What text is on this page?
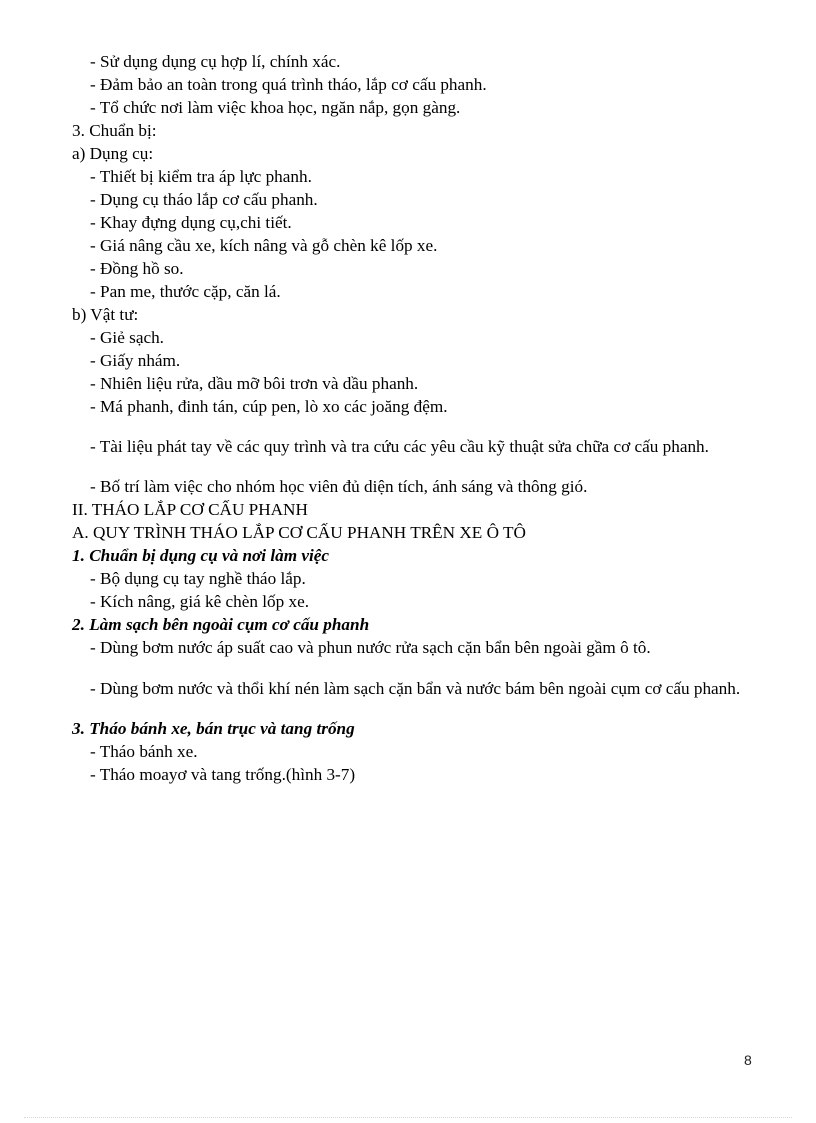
- Sử dụng dụng cụ hợp lí, chính xác.

- Đảm bảo an toàn trong quá trình tháo, lắp cơ cấu phanh.

- Tổ chức nơi làm việc khoa học, ngăn nắp, gọn gàng.

3. Chuẩn bị:

a) Dụng cụ:

- Thiết bị kiểm tra áp lực phanh.

- Dụng cụ tháo lắp cơ cấu phanh.

- Khay đựng dụng cụ,chi tiết.

- Giá nâng cầu xe, kích nâng và gỗ chèn kê lốp xe.

- Đồng hồ so.

- Pan me, thước cặp, căn lá.

b) Vật tư:

- Giẻ sạch.

- Giấy nhám.

- Nhiên liệu rửa, dầu mỡ bôi trơn và dầu phanh.

- Má phanh, đinh tán, cúp pen, lò xo các joăng đệm.

- Tài liệu phát tay về các quy trình và tra cứu các yêu cầu kỹ thuật sửa chữa cơ cấu phanh.

- Bố trí làm việc cho nhóm học viên đủ diện tích, ánh sáng và thông gió.

II. THÁO LẮP CƠ CẤU PHANH

A. QUY TRÌNH THÁO LẮP CƠ CẤU PHANH TRÊN XE Ô TÔ

1. Chuẩn bị dụng cụ và nơi làm việc

- Bộ dụng cụ tay nghề tháo lắp.

- Kích nâng, giá kê chèn lốp xe.

2. Làm sạch bên ngoài cụm cơ cấu phanh

- Dùng bơm nước áp suất cao và phun nước rửa sạch cặn bẩn bên ngoài gầm ô tô.

- Dùng bơm nước và thổi khí nén làm sạch cặn bẩn và nước bám bên ngoài cụm cơ cấu phanh.

3. Tháo bánh xe, bán trục và tang trống

- Tháo bánh xe.

- Tháo moayơ và tang trống.(hình 3-7)

8
